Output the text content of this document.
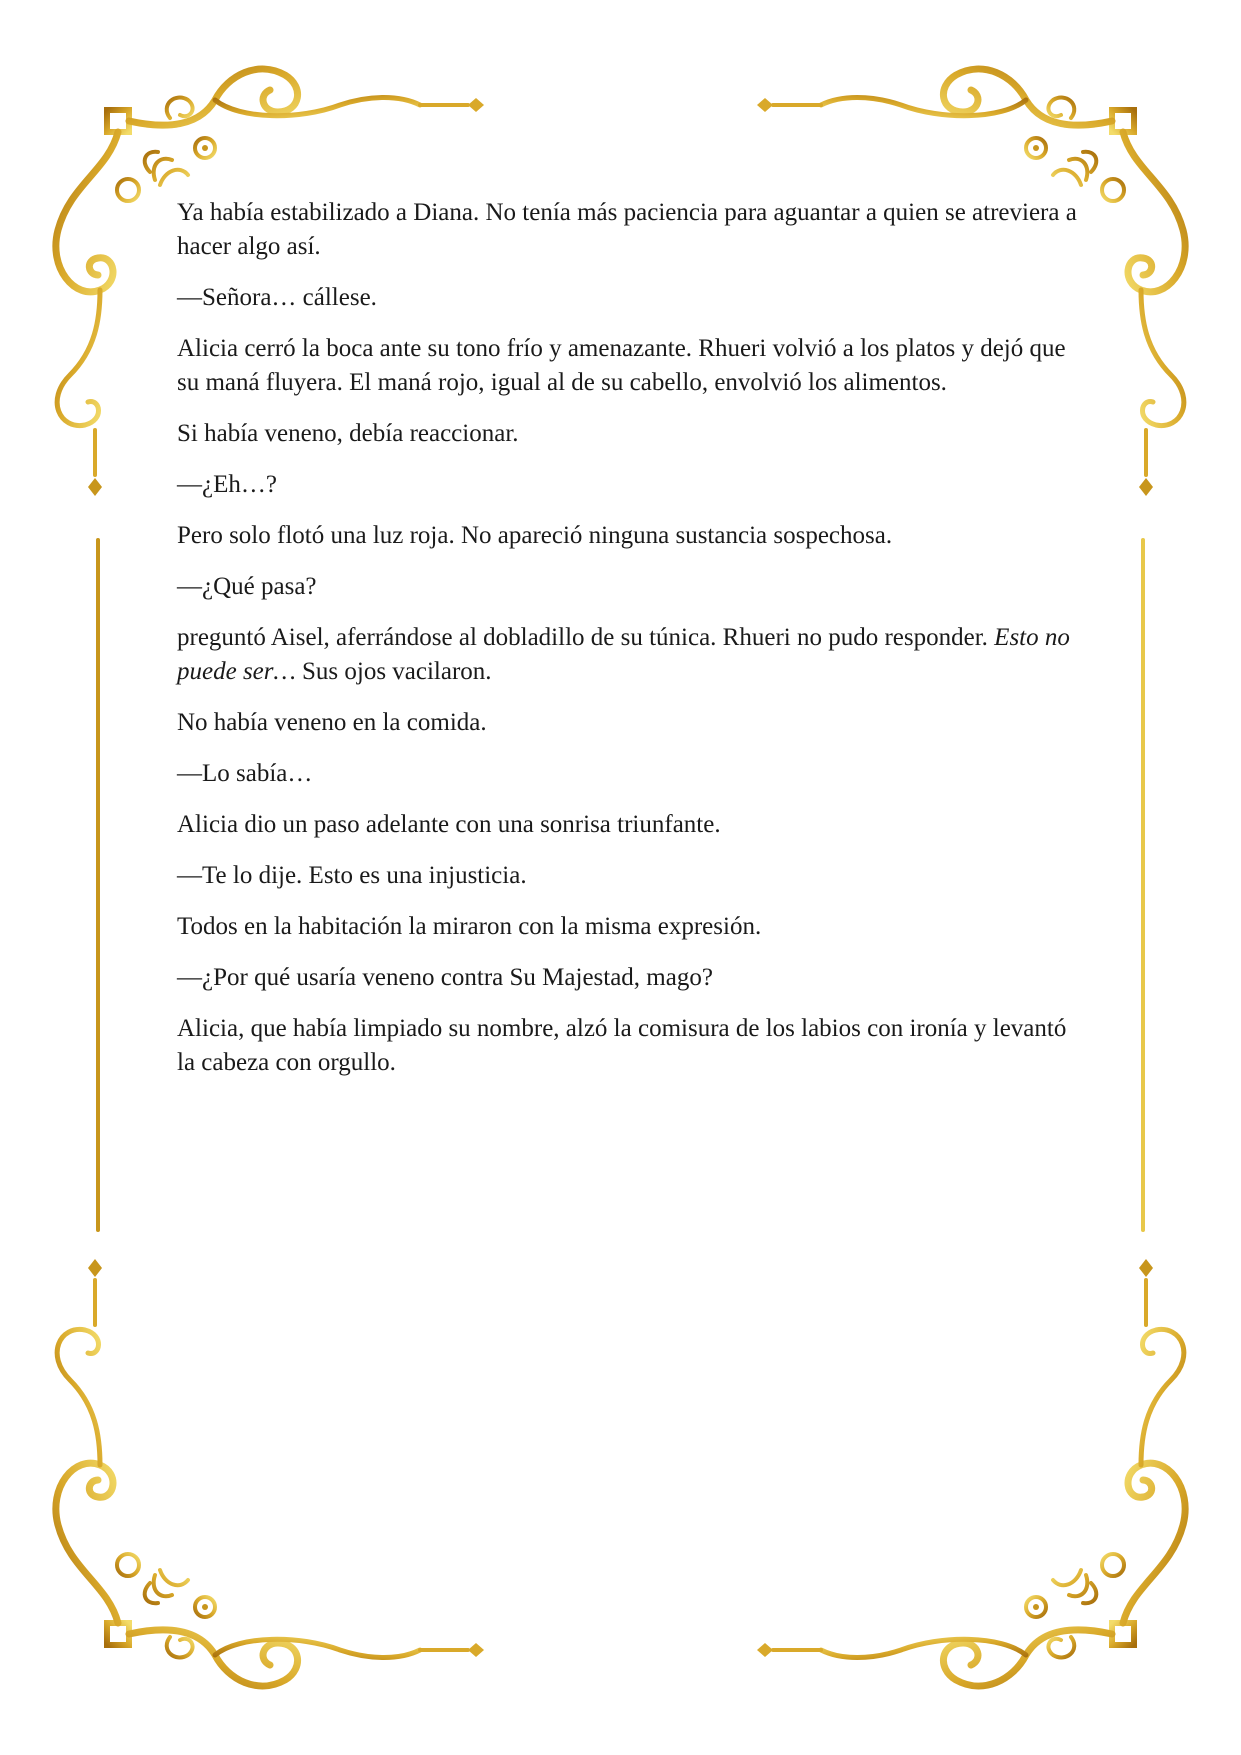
Ya había estabilizado a Diana. No tenía más paciencia para aguantar a quien se atreviera a hacer algo así.

—Señora… cállese.

Alicia cerró la boca ante su tono frío y amenazante. Rhueri volvió a los platos y dejó que su maná fluyera. El maná rojo, igual al de su cabello, envolvió los alimentos.

Si había veneno, debía reaccionar.

—¿Eh…?

Pero solo flotó una luz roja. No apareció ninguna sustancia sospechosa.

—¿Qué pasa?

preguntó Aisel, aferrándose al dobladillo de su túnica. Rhueri no pudo responder. Esto no puede ser… Sus ojos vacilaron.

No había veneno en la comida.

—Lo sabía…

Alicia dio un paso adelante con una sonrisa triunfante.

—Te lo dije. Esto es una injusticia.

Todos en la habitación la miraron con la misma expresión.

—¿Por qué usaría veneno contra Su Majestad, mago?

Alicia, que había limpiado su nombre, alzó la comisura de los labios con ironía y levantó la cabeza con orgullo.
